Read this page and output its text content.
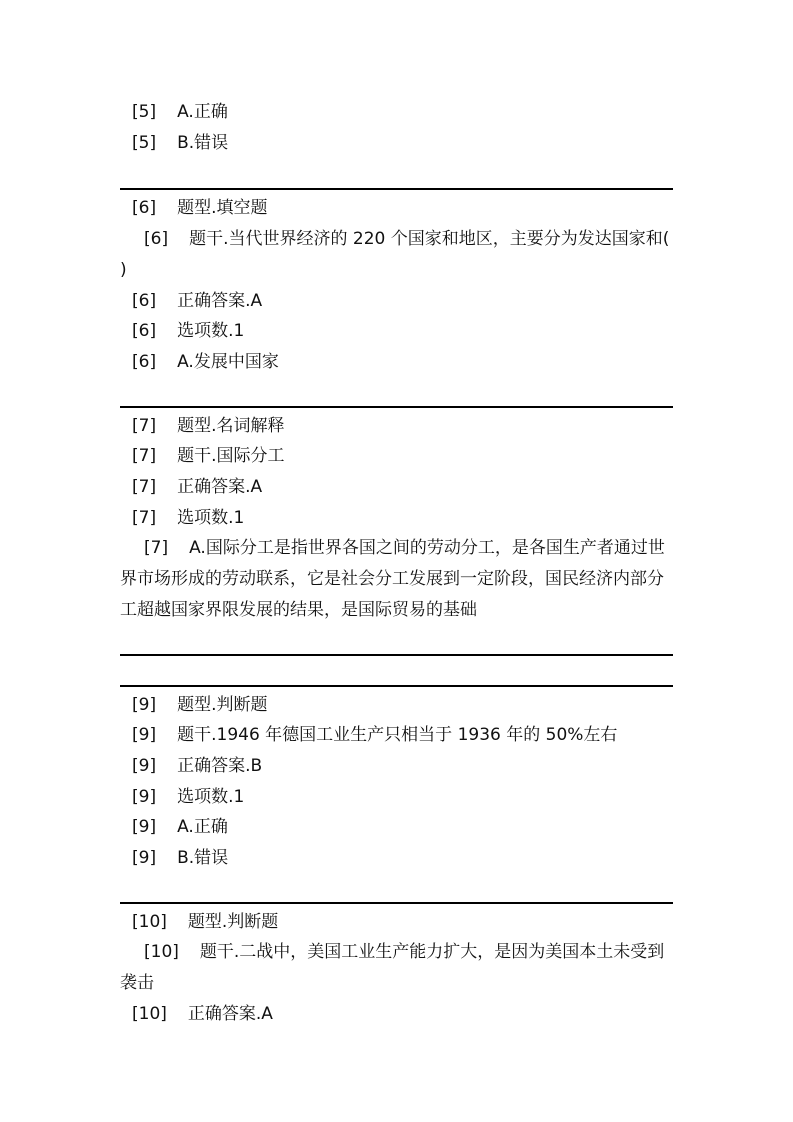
[5] A.正确
[5] B.错误
[6] 题型.填空题
[6] 题干.当代世界经济的 220 个国家和地区，主要分为发达国家和( )
[6] 正确答案.A
[6] 选项数.1
[6] A.发展中国家
[7] 题型.名词解释
[7] 题干.国际分工
[7] 正确答案.A
[7] 选项数.1
[7] A.国际分工是指世界各国之间的劳动分工，是各国生产者通过世界市场形成的劳动联系，它是社会分工发展到一定阶段，国民经济内部分工超越国家界限发展的结果，是国际贸易的基础
[9] 题型.判断题
[9] 题干.1946 年德国工业生产只相当于 1936 年的 50%左右
[9] 正确答案.B
[9] 选项数.1
[9] A.正确
[9] B.错误
[10] 题型.判断题
[10] 题干.二战中，美国工业生产能力扩大，是因为美国本土未受到袭击
[10] 正确答案.A
